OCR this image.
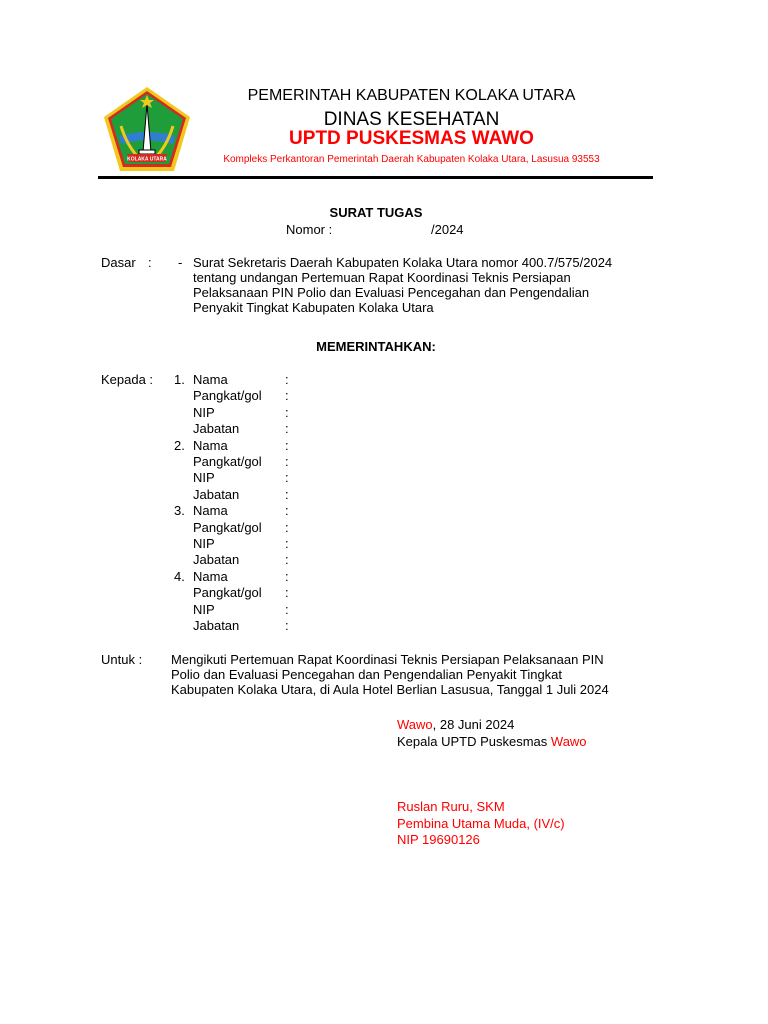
KOLAKA UTARA
PEMERINTAH KABUPATEN KOLAKA UTARA
DINAS KESEHATAN
UPTD PUSKESMAS WAWO
Kompleks Perkantoran Pemerintah Daerah Kabupaten Kolaka Utara, Lasusua 93553
SURAT TUGAS
Nomor :	/2024
Dasar : - Surat Sekretaris Daerah Kabupaten Kolaka Utara nomor 400.7/575/2024
tentang undangan Pertemuan Rapat Koordinasi Teknis Persiapan
Pelaksanaan PIN Polio dan Evaluasi Pencegahan dan Pengendalian
Penyakit Tingkat Kabupaten Kolaka Utara
MEMERINTAHKAN:
Kepada : 1. Nama	:
Pangkat/gol :
NIP	:
Jabatan	:
2. Nama	:
Pangkat/gol :
NIP	:
Jabatan	:
3. Nama	:
Pangkat/gol :
NIP	:
Jabatan	:
4. Nama	:
Pangkat/gol :
NIP	:
Jabatan	:
Untuk : Mengikuti Pertemuan Rapat Koordinasi Teknis Persiapan Pelaksanaan PIN
Polio dan Evaluasi Pencegahan dan Pengendalian Penyakit Tingkat
Kabupaten Kolaka Utara, di Aula Hotel Berlian Lasusua, Tanggal 1 Juli 2024
Wawo, 28 Juni 2024
Kepala UPTD Puskesmas Wawo
Ruslan Ruru, SKM
Pembina Utama Muda, (IV/c)
NIP 19690126
